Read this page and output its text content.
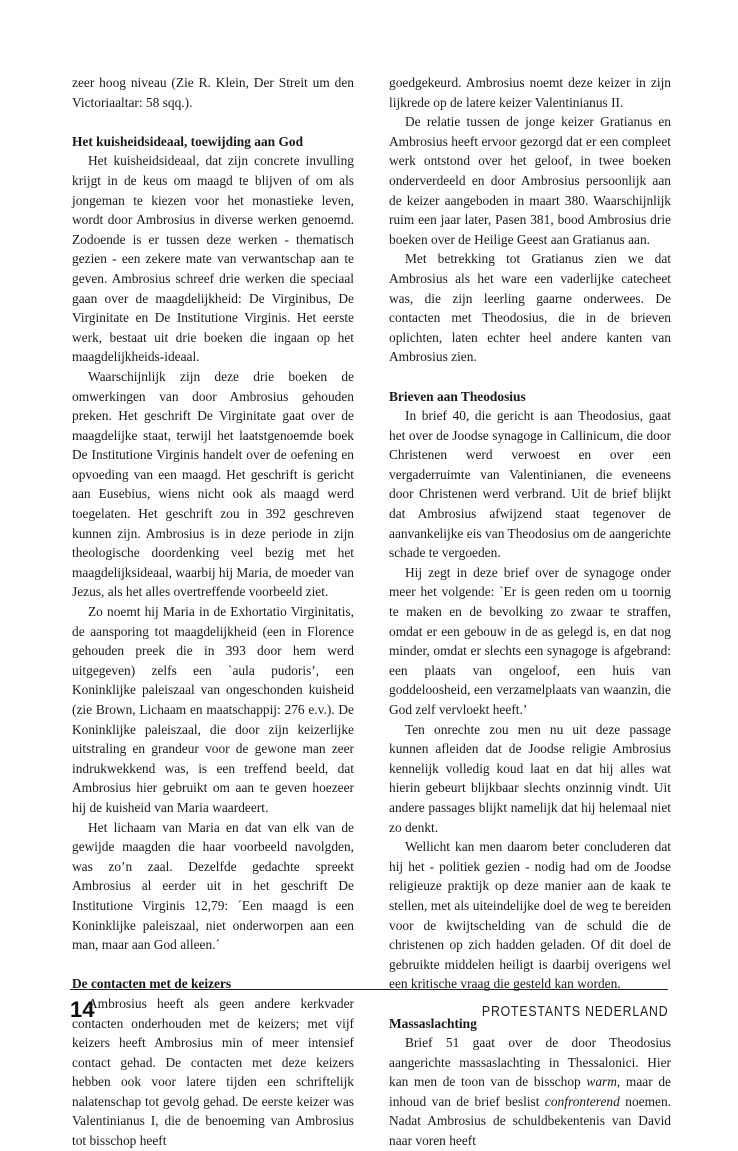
zeer hoog niveau (Zie R. Klein, Der Streit um den Victoriaaltar: 58 sqq.).

Het kuisheidsideaal, toewijding aan God

Het kuisheidsideaal, dat zijn concrete invulling krijgt in de keus om maagd te blijven of om als jongeman te kiezen voor het monastieke leven, wordt door Ambrosius in diverse werken genoemd. Zodoende is er tussen deze werken - thematisch gezien - een zekere mate van verwantschap aan te geven. Ambrosius schreef drie werken die speciaal gaan over de maagdelijkheid: De Virginibus, De Virginitate en De Institutione Virginis. Het eerste werk, bestaat uit drie boeken die ingaan op het maagdelijkheids-ideaal.

Waarschijnlijk zijn deze drie boeken de omwerkingen van door Ambrosius gehouden preken. Het geschrift De Virginitate gaat over de maagdelijke staat, terwijl het laatstgenoemde boek De Institutione Virginis handelt over de oefening en opvoeding van een maagd. Het geschrift is gericht aan Eusebius, wiens nicht ook als maagd werd toegelaten. Het geschrift zou in 392 geschreven kunnen zijn. Ambrosius is in deze periode in zijn theologische doordenking veel bezig met het maagdelijksideaal, waarbij hij Maria, de moeder van Jezus, als het alles overtreffende voorbeeld ziet.

Zo noemt hij Maria in de Exhortatio Virginitatis, de aansporing tot maagdelijkheid (een in Florence gehouden preek die in 393 door hem werd uitgegeven) zelfs een `aula pudoris’, een Koninklijke paleiszaal van ongeschonden kuisheid (zie Brown, Lichaam en maatschappij: 276 e.v.). De Koninklijke paleiszaal, die door zijn keizerlijke uitstraling en grandeur voor de gewone man zeer indrukwekkend was, is een treffend beeld, dat Ambrosius hier gebruikt om aan te geven hoezeer hij de kuisheid van Maria waardeert.

Het lichaam van Maria en dat van elk van de gewijde maagden die haar voorbeeld navolgden, was zo’n zaal. Dezelfde gedachte spreekt Ambrosius al eerder uit in het geschrift De Institutione Virginis 12,79: ´Een maagd is een Koninklijke paleiszaal, niet onderworpen aan een man, maar aan God alleen.´

De contacten met de keizers

Ambrosius heeft als geen andere kerkvader contacten onderhouden met de keizers; met vijf keizers heeft Ambrosius min of meer intensief contact gehad. De contacten met deze keizers hebben ook voor latere tijden een schriftelijk nalatenschap tot gevolg gehad. De eerste keizer was Valentinianus I, die de benoeming van Ambrosius tot bisschop heeft

goedgekeurd. Ambrosius noemt deze keizer in zijn lijkrede op de latere keizer Valentinianus II.

De relatie tussen de jonge keizer Gratianus en Ambrosius heeft ervoor gezorgd dat er een compleet werk ontstond over het geloof, in twee boeken onderverdeeld en door Ambrosius persoonlijk aan de keizer aangeboden in maart 380. Waarschijnlijk ruim een jaar later, Pasen 381, bood Ambrosius drie boeken over de Heilige Geest aan Gratianus aan.

Met betrekking tot Gratianus zien we dat Ambrosius als het ware een vaderlijke catecheet was, die zijn leerling gaarne onderwees. De contacten met Theodosius, die in de brieven oplichten, laten echter heel andere kanten van Ambrosius zien.

Brieven aan Theodosius

In brief 40, die gericht is aan Theodosius, gaat het over de Joodse synagoge in Callinicum, die door Christenen werd verwoest en over een vergaderruimte van Valentinianen, die eveneens door Christenen werd verbrand. Uit de brief blijkt dat Ambrosius afwijzend staat tegenover de aanvankelijke eis van Theodosius om de aangerichte schade te vergoeden.

Hij zegt in deze brief over de synagoge onder meer het volgende: `Er is geen reden om u toornig te maken en de bevolking zo zwaar te straffen, omdat er een gebouw in de as gelegd is, en dat nog minder, omdat er slechts een synagoge is afgebrand: een plaats van ongeloof, een huis van goddeloosheid, een verzamelplaats van waanzin, die God zelf vervloekt heeft.’

Ten onrechte zou men nu uit deze passage kunnen afleiden dat de Joodse religie Ambrosius kennelijk volledig koud laat en dat hij alles wat hierin gebeurt blijkbaar slechts onzinnig vindt. Uit andere passages blijkt namelijk dat hij helemaal niet zo denkt.

Wellicht kan men daarom beter concluderen dat hij het - politiek gezien - nodig had om de Joodse religieuze praktijk op deze manier aan de kaak te stellen, met als uiteindelijke doel de weg te bereiden voor de kwijtschelding van de schuld die de christenen op zich hadden geladen. Of dit doel de gebruikte middelen heiligt is daarbij overigens wel een kritische vraag die gesteld kan worden.

Massaslachting

Brief 51 gaat over de door Theodosius aangerichte massaslachting in Thessalonici. Hier kan men de toon van de bisschop warm, maar de inhoud van de brief beslist confronterend noemen. Nadat Ambrosius de schuldbekentenis van David naar voren heeft

14	PROTESTANTS NEDERLAND
